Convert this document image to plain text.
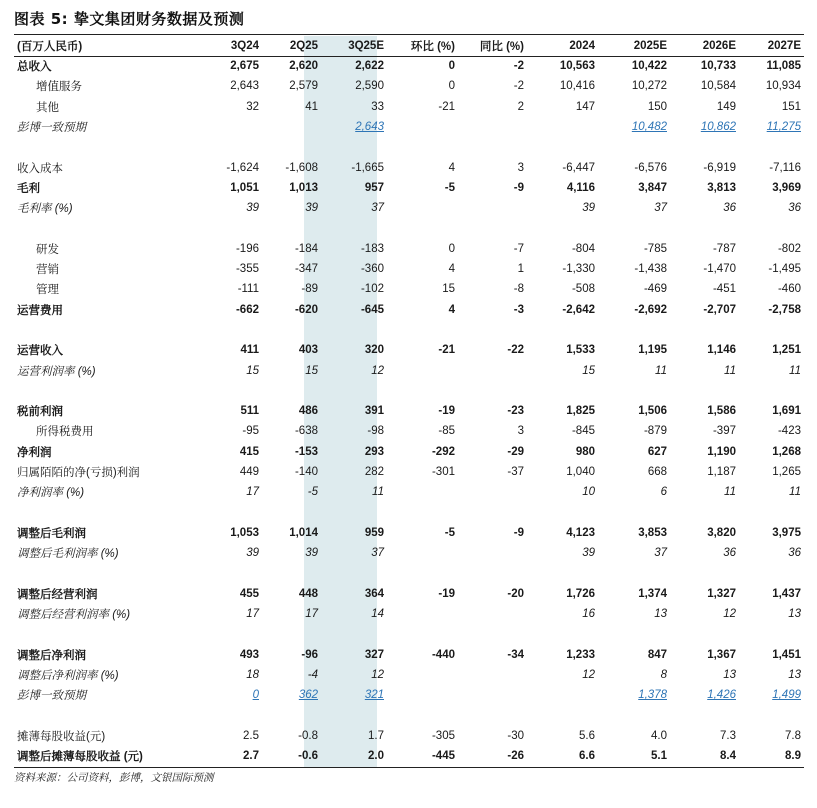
图表 5: 挚文集团财务数据及预测
(百万人民币)	3Q24	2Q25	3Q25E	环比 (%)	同比 (%)	2024	2025E	2026E	2027E
总收入	2,675	2,620	2,622	0	-2	10,563	10,422	10,733	11,085
增值服务	2,643	2,579	2,590	0	-2	10,416	10,272	10,584	10,934
其他	32	41	33	-21	2	147	150	149	151
彭博一致预期			2,643				10,482	10,862	11,275

收入成本	-1,624	-1,608	-1,665	4	3	-6,447	-6,576	-6,919	-7,116
毛利	1,051	1,013	957	-5	-9	4,116	3,847	3,813	3,969
毛利率 (%)	39	39	37			39	37	36	36

研发	-196	-184	-183	0	-7	-804	-785	-787	-802
营销	-355	-347	-360	4	1	-1,330	-1,438	-1,470	-1,495
管理	-111	-89	-102	15	-8	-508	-469	-451	-460
运营费用	-662	-620	-645	4	-3	-2,642	-2,692	-2,707	-2,758

运营收入	411	403	320	-21	-22	1,533	1,195	1,146	1,251
运营利润率 (%)	15	15	12			15	11	11	11

税前利润	511	486	391	-19	-23	1,825	1,506	1,586	1,691
所得税费用	-95	-638	-98	-85	3	-845	-879	-397	-423
净利润	415	-153	293	-292	-29	980	627	1,190	1,268
归属陌陌的净(亏损)利润	449	-140	282	-301	-37	1,040	668	1,187	1,265
净利润率 (%)	17	-5	11			10	6	11	11

调整后毛利润	1,053	1,014	959	-5	-9	4,123	3,853	3,820	3,975
调整后毛利润率 (%)	39	39	37			39	37	36	36

调整后经营利润	455	448	364	-19	-20	1,726	1,374	1,327	1,437
调整后经营利润率 (%)	17	17	14			16	13	12	13

调整后净利润	493	-96	327	-440	-34	1,233	847	1,367	1,451
调整后净利润率 (%)	18	-4	12			12	8	13	13
彭博一致预期	0	362	321				1,378	1,426	1,499

摊薄每股收益(元)	2.5	-0.8	1.7	-305	-30	5.6	4.0	7.3	7.8
调整后摊薄每股收益 (元)	2.7	-0.6	2.0	-445	-26	6.6	5.1	8.4	8.9
资料来源：公司资料，彭博，文银国际预测
